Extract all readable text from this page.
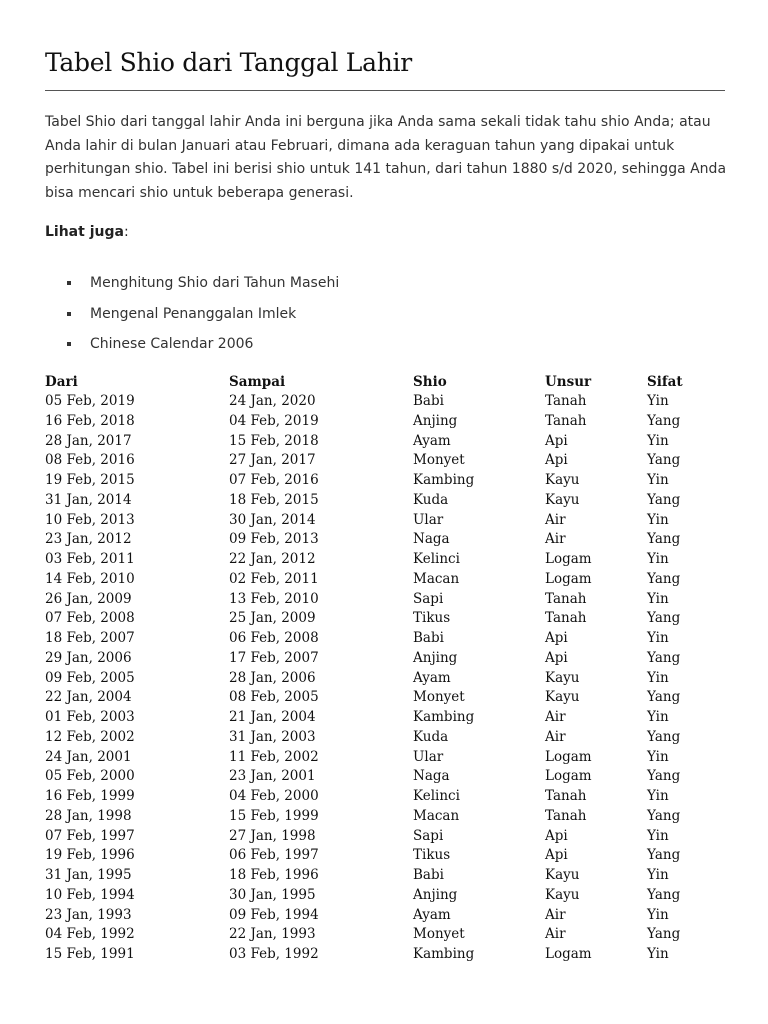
Tabel Shio dari Tanggal Lahir

Tabel Shio dari tanggal lahir Anda ini berguna jika Anda sama sekali tidak tahu shio Anda; atau Anda lahir di bulan Januari atau Februari, dimana ada keraguan tahun yang dipakai untuk perhitungan shio. Tabel ini berisi shio untuk 141 tahun, dari tahun 1880 s/d 2020, sehingga Anda bisa mencari shio untuk beberapa generasi.

Lihat juga:

Menghitung Shio dari Tahun Masehi
Mengenal Penanggalan Imlek
Chinese Calendar 2006
Dari	Sampai	Shio	Unsur	Sifat
05 Feb, 2019	24 Jan, 2020	Babi	Tanah	Yin
16 Feb, 2018	04 Feb, 2019	Anjing	Tanah	Yang
28 Jan, 2017	15 Feb, 2018	Ayam	Api	Yin
08 Feb, 2016	27 Jan, 2017	Monyet	Api	Yang
19 Feb, 2015	07 Feb, 2016	Kambing	Kayu	Yin
31 Jan, 2014	18 Feb, 2015	Kuda	Kayu	Yang
10 Feb, 2013	30 Jan, 2014	Ular	Air	Yin
23 Jan, 2012	09 Feb, 2013	Naga	Air	Yang
03 Feb, 2011	22 Jan, 2012	Kelinci	Logam	Yin
14 Feb, 2010	02 Feb, 2011	Macan	Logam	Yang
26 Jan, 2009	13 Feb, 2010	Sapi	Tanah	Yin
07 Feb, 2008	25 Jan, 2009	Tikus	Tanah	Yang
18 Feb, 2007	06 Feb, 2008	Babi	Api	Yin
29 Jan, 2006	17 Feb, 2007	Anjing	Api	Yang
09 Feb, 2005	28 Jan, 2006	Ayam	Kayu	Yin
22 Jan, 2004	08 Feb, 2005	Monyet	Kayu	Yang
01 Feb, 2003	21 Jan, 2004	Kambing	Air	Yin
12 Feb, 2002	31 Jan, 2003	Kuda	Air	Yang
24 Jan, 2001	11 Feb, 2002	Ular	Logam	Yin
05 Feb, 2000	23 Jan, 2001	Naga	Logam	Yang
16 Feb, 1999	04 Feb, 2000	Kelinci	Tanah	Yin
28 Jan, 1998	15 Feb, 1999	Macan	Tanah	Yang
07 Feb, 1997	27 Jan, 1998	Sapi	Api	Yin
19 Feb, 1996	06 Feb, 1997	Tikus	Api	Yang
31 Jan, 1995	18 Feb, 1996	Babi	Kayu	Yin
10 Feb, 1994	30 Jan, 1995	Anjing	Kayu	Yang
23 Jan, 1993	09 Feb, 1994	Ayam	Air	Yin
04 Feb, 1992	22 Jan, 1993	Monyet	Air	Yang
15 Feb, 1991	03 Feb, 1992	Kambing	Logam	Yin
